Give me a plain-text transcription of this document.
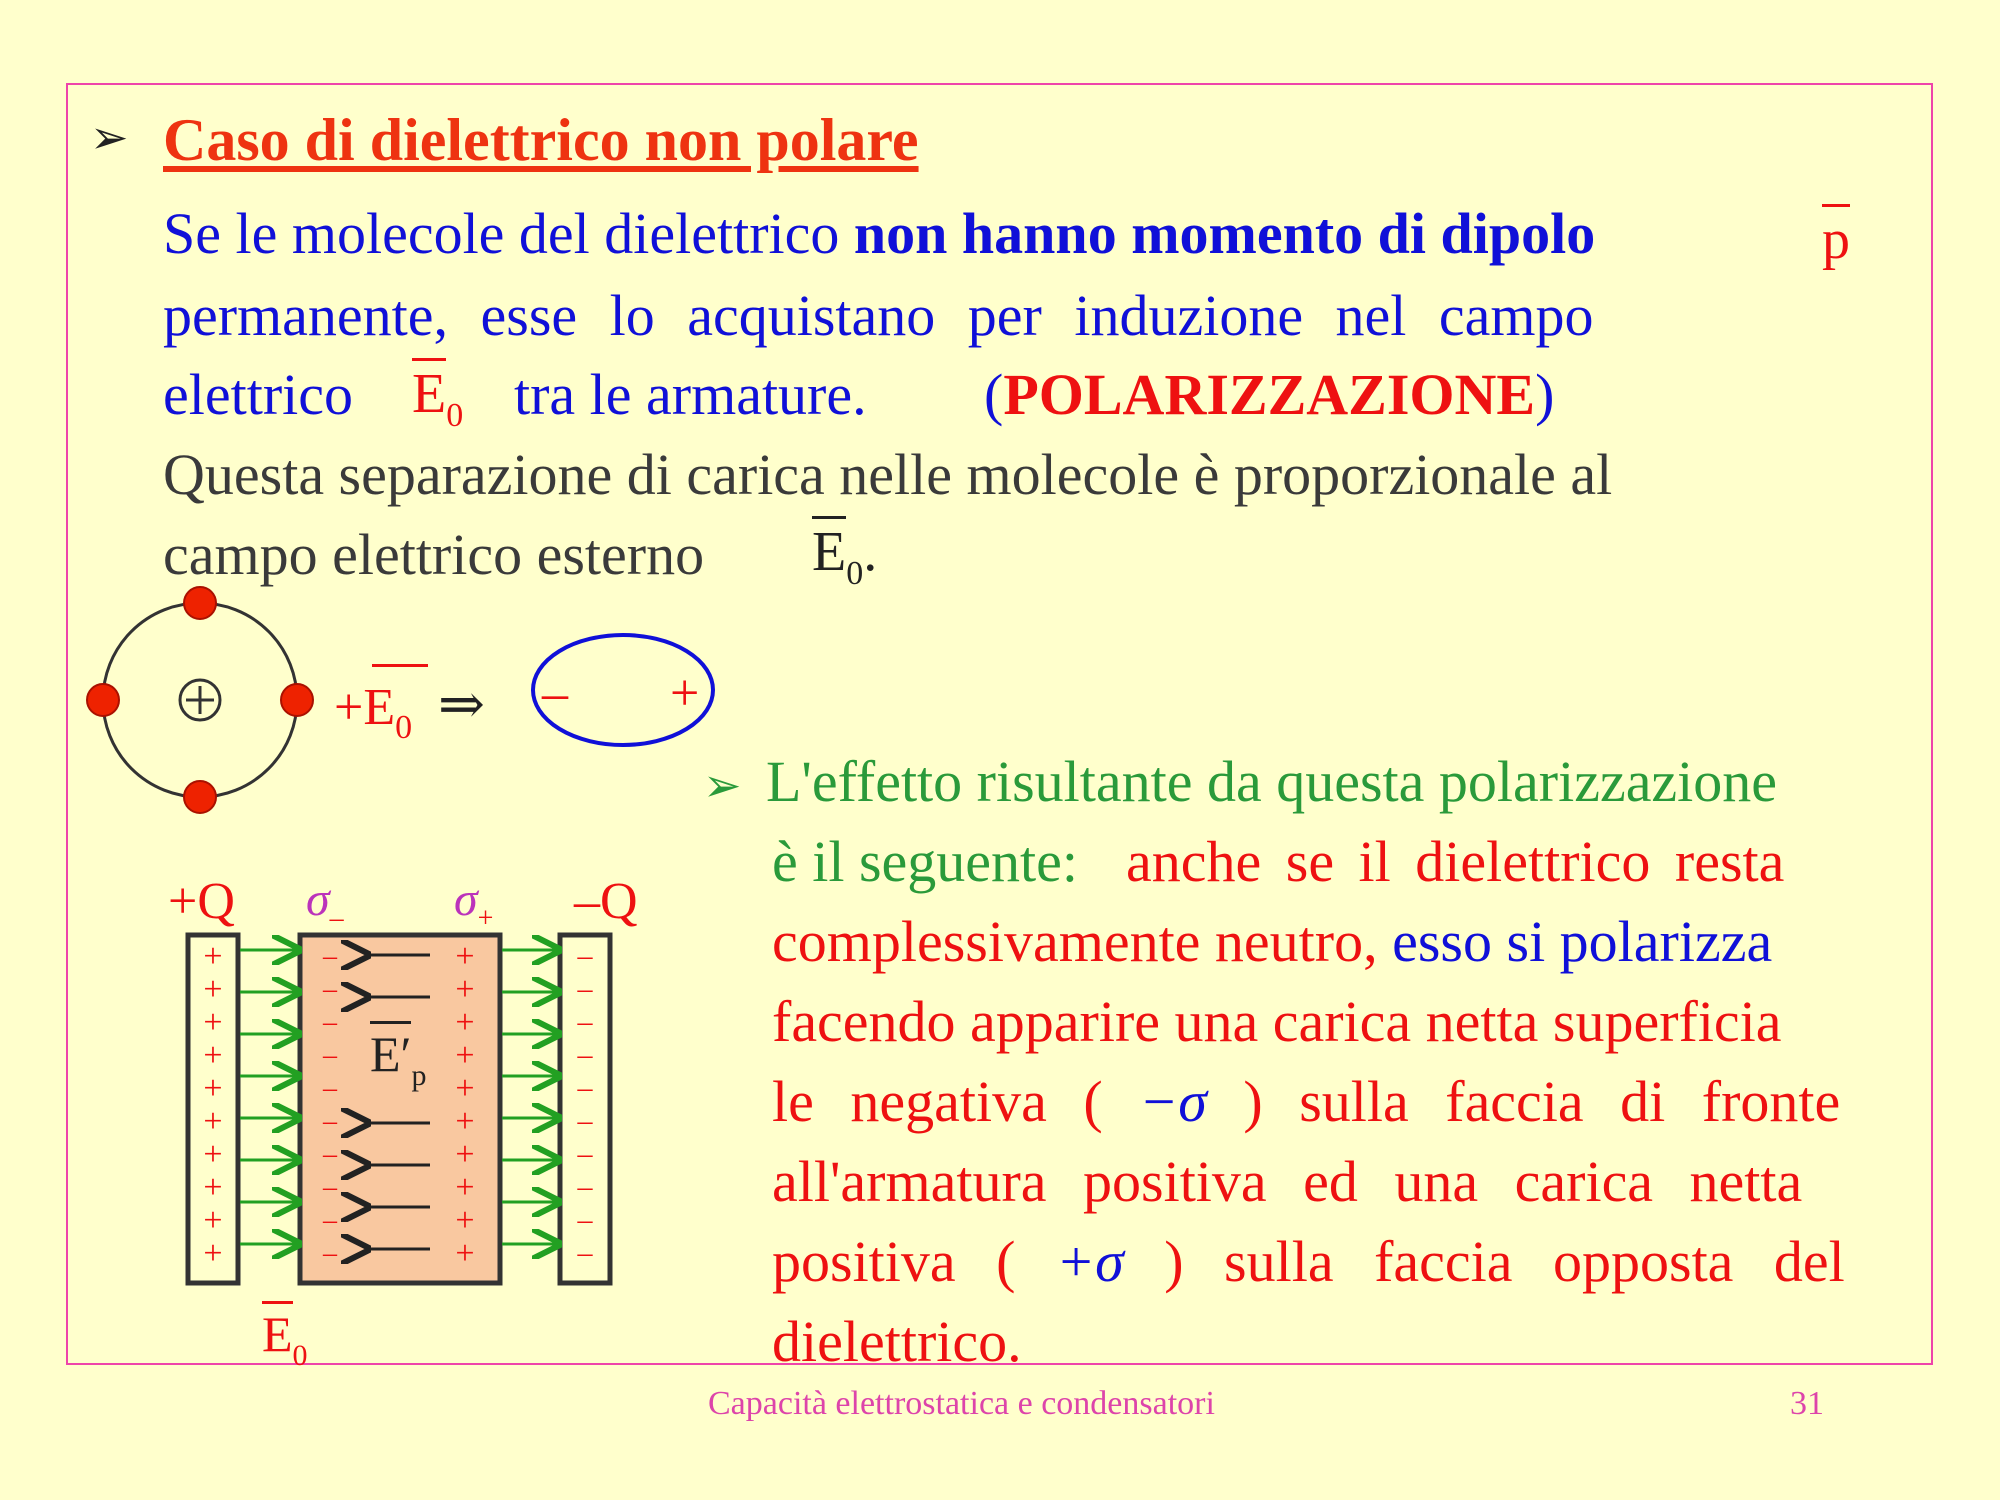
➢ Caso di dielettrico non polare
Se le molecole del dielettrico non hanno momento di dipolo	p
permanente, esse lo acquistano per induzione nel campo
elettrico $E_0$ tra le armature. (POLARIZZAZIONE)
Questa separazione di carica nelle molecole è proporzionale al
campo elettrico esterno $E_0$.
$+E_0$ ⇒ – +
+Q	–Q
$\sigma_-$ $\sigma_+$
+	–
–	+
+	–
–	+
+	–
–	+
+	–
–	+
+	–
–	+
+	–
–	+
+	–
–	+
+	–
–	+
+	–
–	+
+	–
–	+
$E'_p$
$E_0$
➢ L'effetto risultante da questa polarizzazione
è il seguente: anche se il dielettrico resta
complessivamente neutro, esso si polarizza
facendo apparire una carica netta superficia
le negativa ( −σ ) sulla faccia di fronte
all'armatura positiva ed una carica netta
positiva ( +σ ) sulla faccia opposta del
dielettrico.
Capacità elettrostatica e condensatori	31
